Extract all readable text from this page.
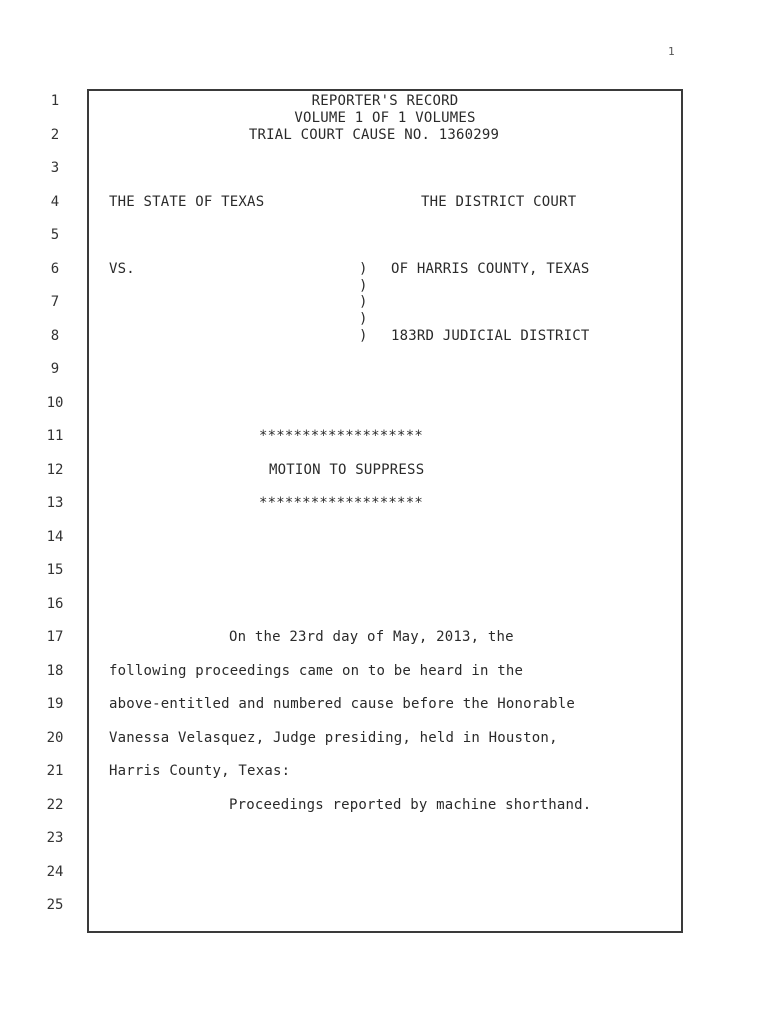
1
1
2
3
4
5
6
7
8
9
10
11
12
13
14
15
16
17
18
19
20
21
22
23
24
25
REPORTER'S RECORD
VOLUME 1 OF 1 VOLUMES
TRIAL COURT CAUSE NO. 1360299
THE STATE OF TEXAS	THE DISTRICT COURT
VS.	)
)
)
)
)
OF HARRIS COUNTY, TEXAS
183RD JUDICIAL DISTRICT
*******************
MOTION TO SUPPRESS
*******************
On the 23rd day of May, 2013, the
following proceedings came on to be heard in the
above-entitled and numbered cause before the Honorable
Vanessa Velasquez, Judge presiding, held in Houston,
Harris County, Texas:
Proceedings reported by machine shorthand.
